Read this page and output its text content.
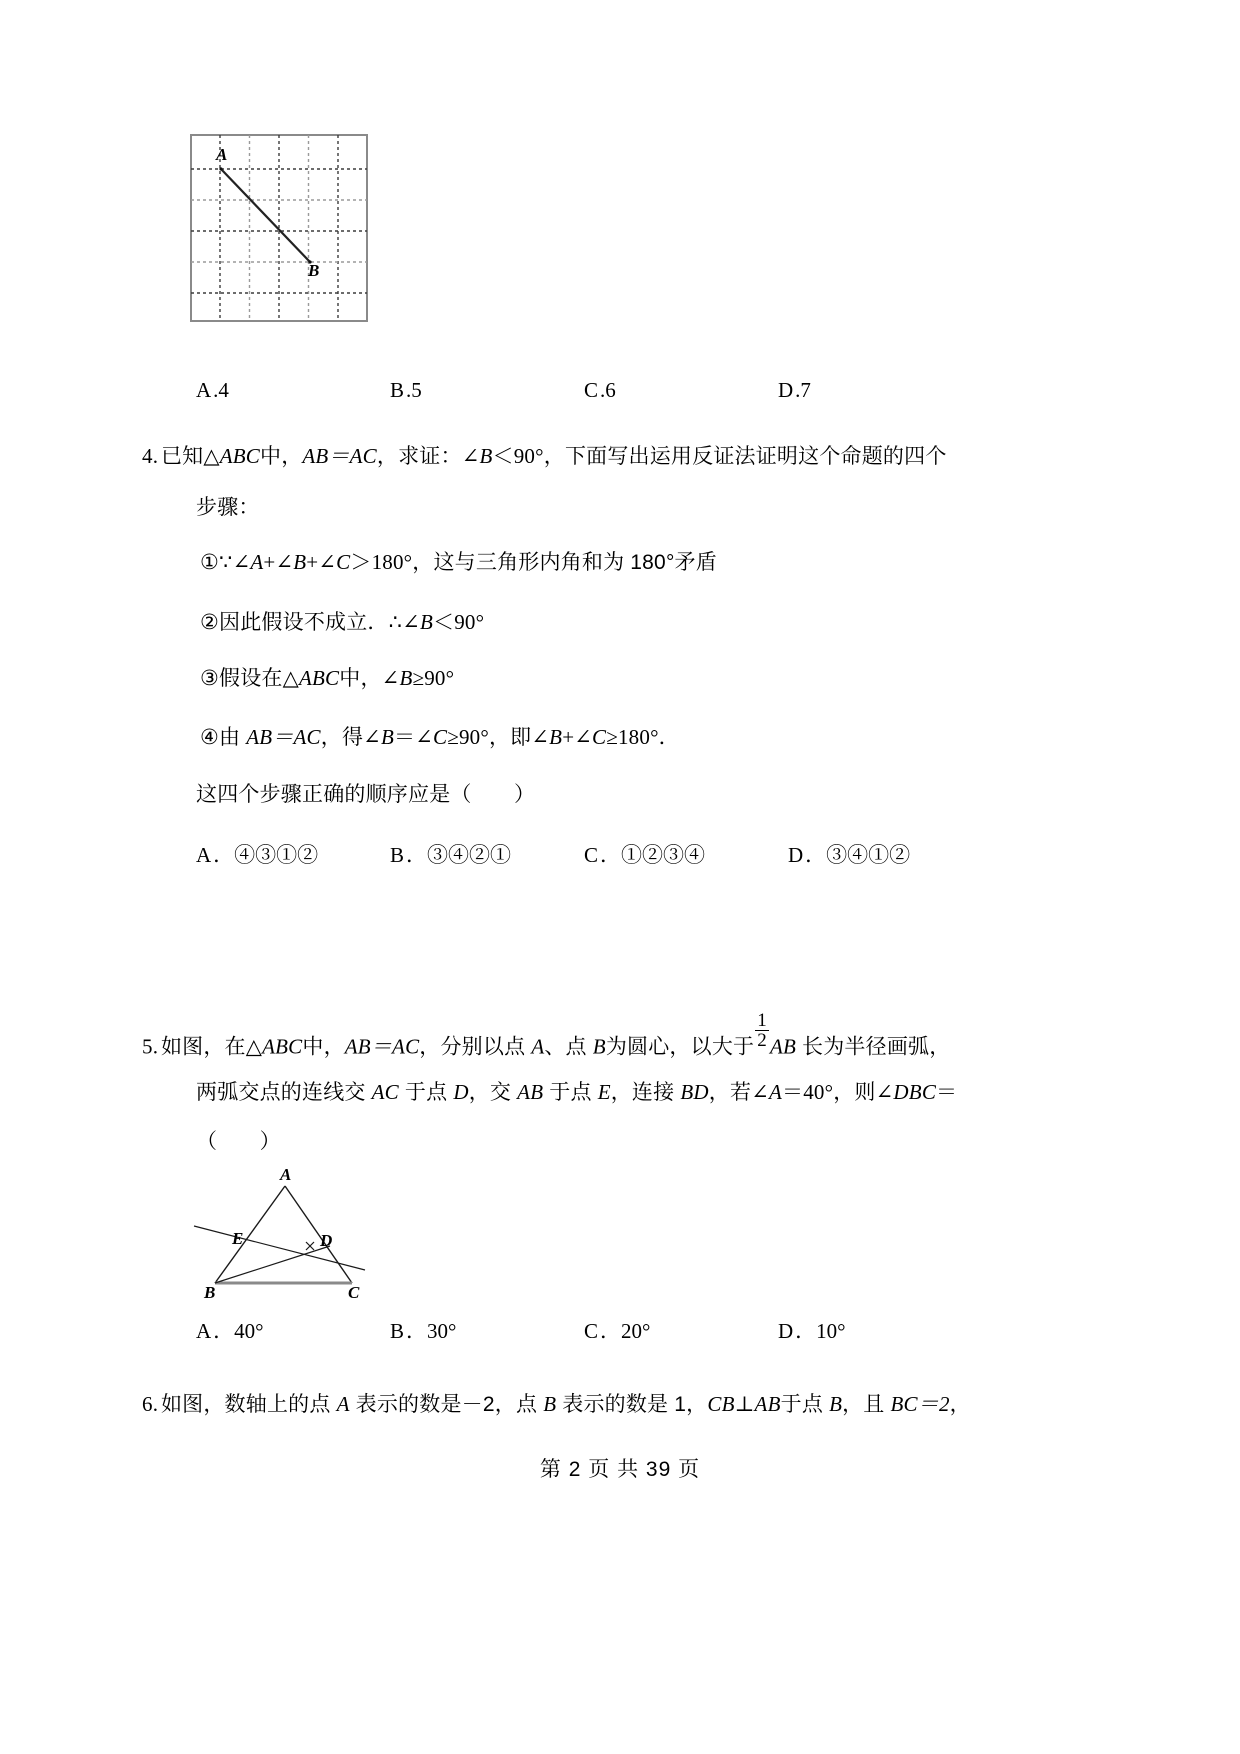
A
B
A.4	B.5	C.6	D.7
4.已知△ABC中，AB＝AC，求证：∠B＜90°，下面写出运用反证法证明这个命题的四个
步骤：
①∵∠A+∠B+∠C＞180°，这与三角形内角和为 180°矛盾
②因此假设不成立．∴∠B＜90°
③假设在△ABC中，∠B≥90°
④由 AB＝AC，得∠B＝∠C≥90°，即∠B+∠C≥180°．
这四个步骤正确的顺序应是（　　）
A．④③①②	B．③④②①	C．①②③④	D．③④①②
5.如图，在△ABC中，AB＝AC，分别以点 A、点 B为圆心，以大于 $\frac{1}{2}$ AB 长为半径画弧，
两弧交点的连线交 AC 于点 D，交 AB 于点 E，连接 BD，若∠A＝40°，则∠DBC＝
（　　）
A
B	C
D
E
A．40°	B．30°	C．20°	D．10°
6.如图，数轴上的点 A 表示的数是－2，点 B 表示的数是 1，CB⊥AB于点 B，且 BC＝2，
第 2 页 共 39 页
